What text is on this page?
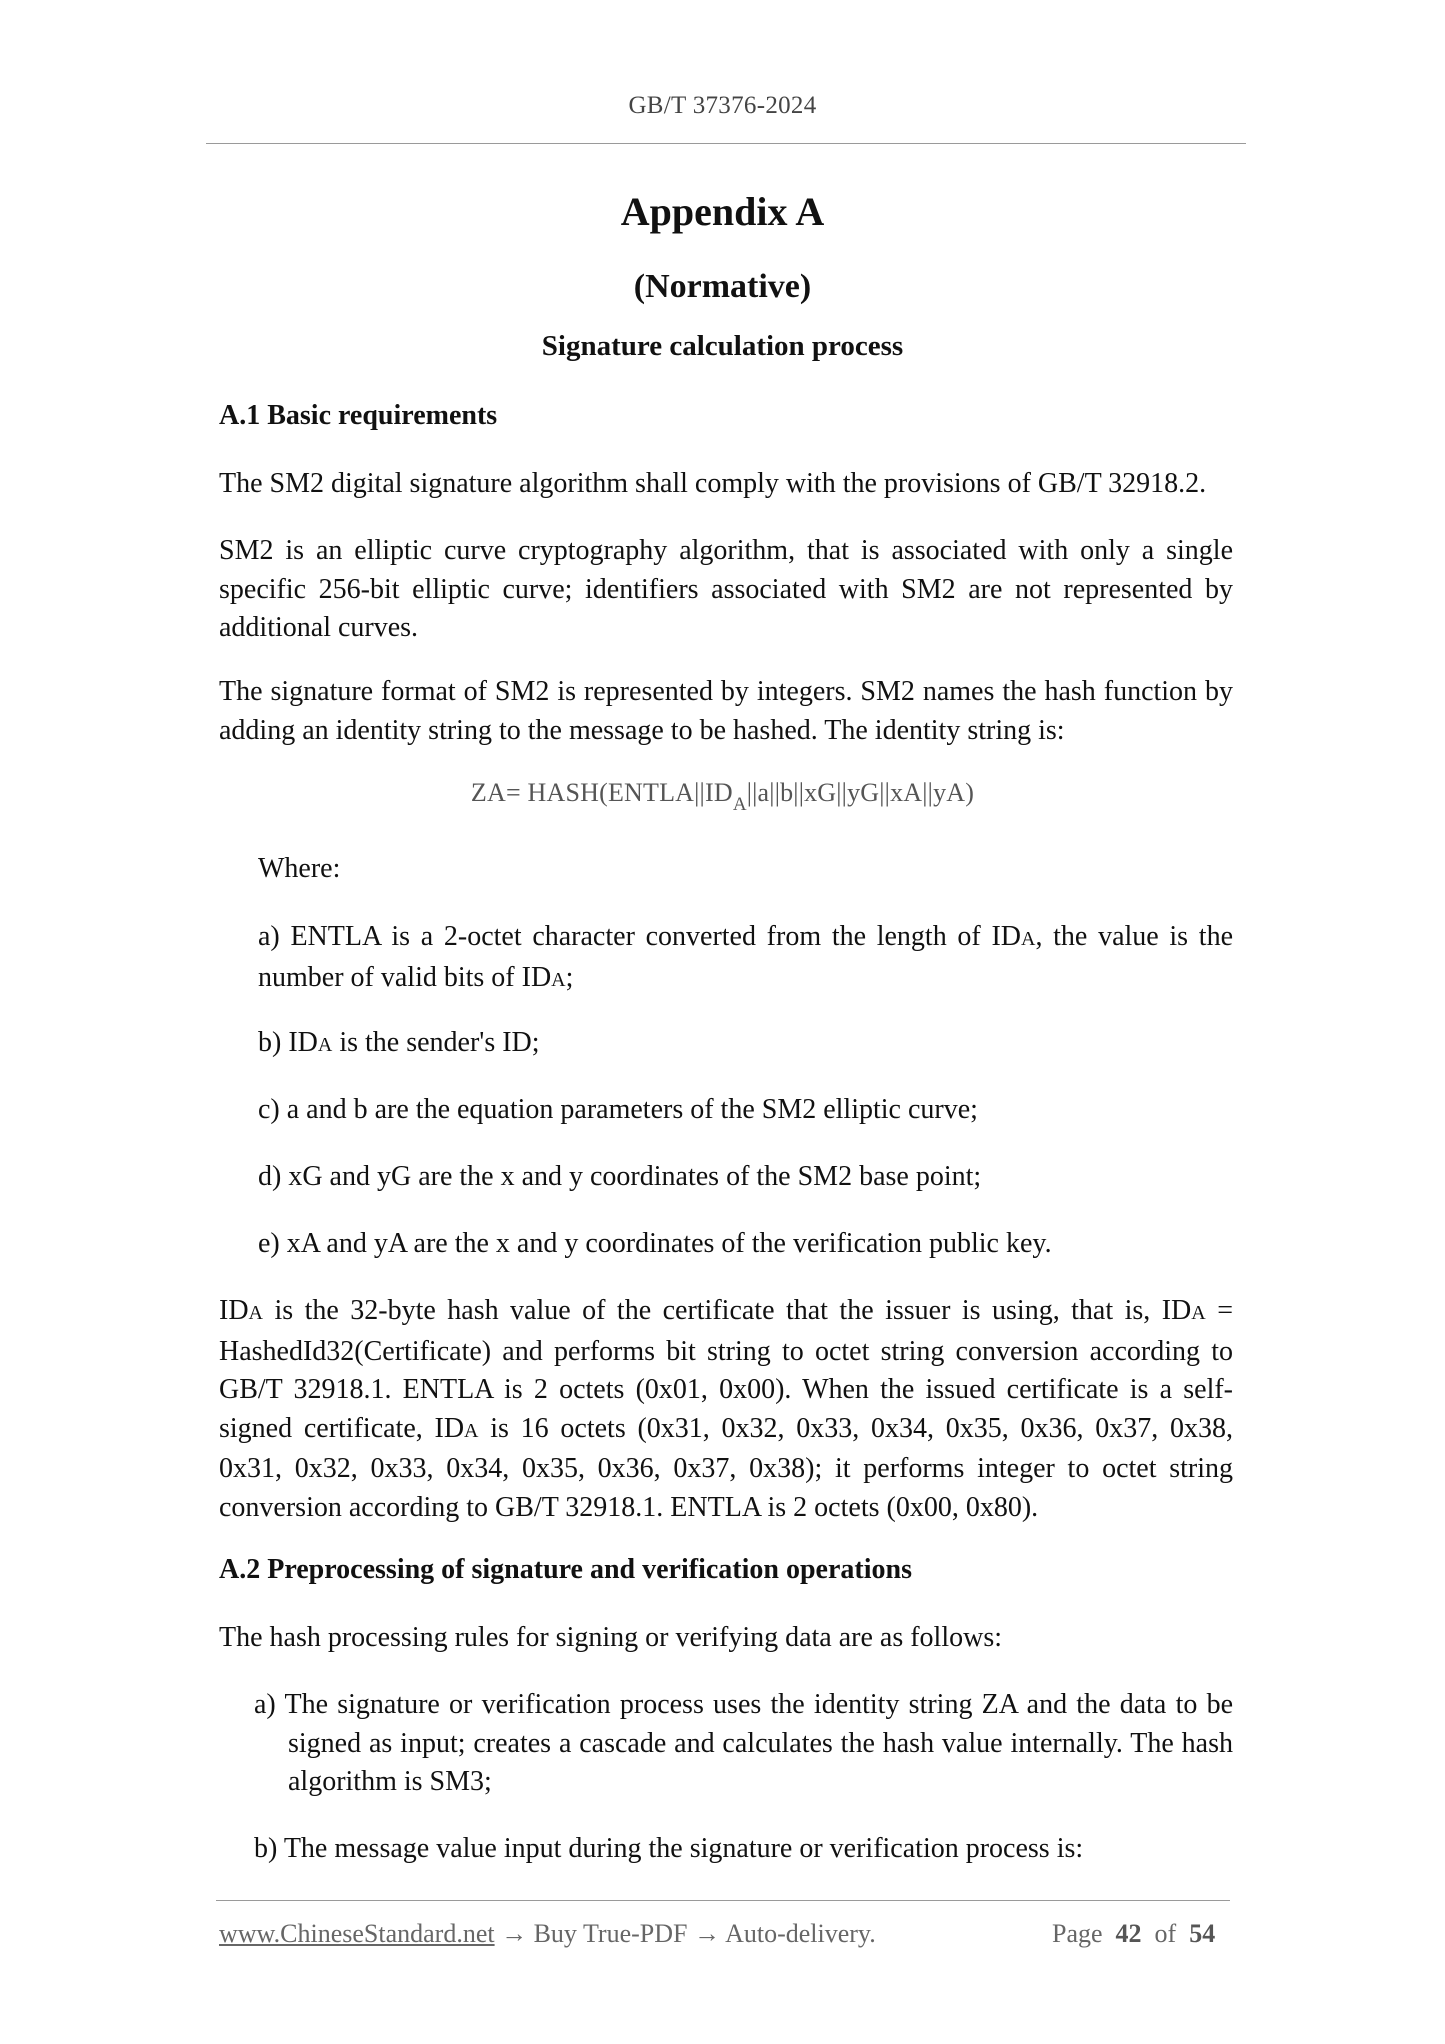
GB/T 37376-2024
Appendix A
(Normative)
Signature calculation process
A.1 Basic requirements
The SM2 digital signature algorithm shall comply with the provisions of GB/T 32918.2.
SM2 is an elliptic curve cryptography algorithm, that is associated with only a single specific 256-bit elliptic curve; identifiers associated with SM2 are not represented by additional curves.
The signature format of SM2 is represented by integers. SM2 names the hash function by adding an identity string to the message to be hashed. The identity string is:
$ZA= HASH(ENTLA||ID_A||a||b||xG||yG||xA||yA)$
Where:
a) ENTLA is a 2-octet character converted from the length of IDA, the value is the number of valid bits of IDA;
b) IDA is the sender's ID;
c) a and b are the equation parameters of the SM2 elliptic curve;
d) xG and yG are the x and y coordinates of the SM2 base point;
e) xA and yA are the x and y coordinates of the verification public key.
IDA is the 32-byte hash value of the certificate that the issuer is using, that is, IDA = HashedId32(Certificate) and performs bit string to octet string conversion according to GB/T 32918.1. ENTLA is 2 octets (0x01, 0x00). When the issued certificate is a self-signed certificate, IDA is 16 octets (0x31, 0x32, 0x33, 0x34, 0x35, 0x36, 0x37, 0x38, 0x31, 0x32, 0x33, 0x34, 0x35, 0x36, 0x37, 0x38); it performs integer to octet string conversion according to GB/T 32918.1. ENTLA is 2 octets (0x00, 0x80).
A.2 Preprocessing of signature and verification operations
The hash processing rules for signing or verifying data are as follows:
a) The signature or verification process uses the identity string ZA and the data to be signed as input; creates a cascade and calculates the hash value internally. The hash algorithm is SM3;
b) The message value input during the signature or verification process is:
www.ChineseStandard.net → Buy True-PDF → Auto-delivery.	Page 42 of 54
